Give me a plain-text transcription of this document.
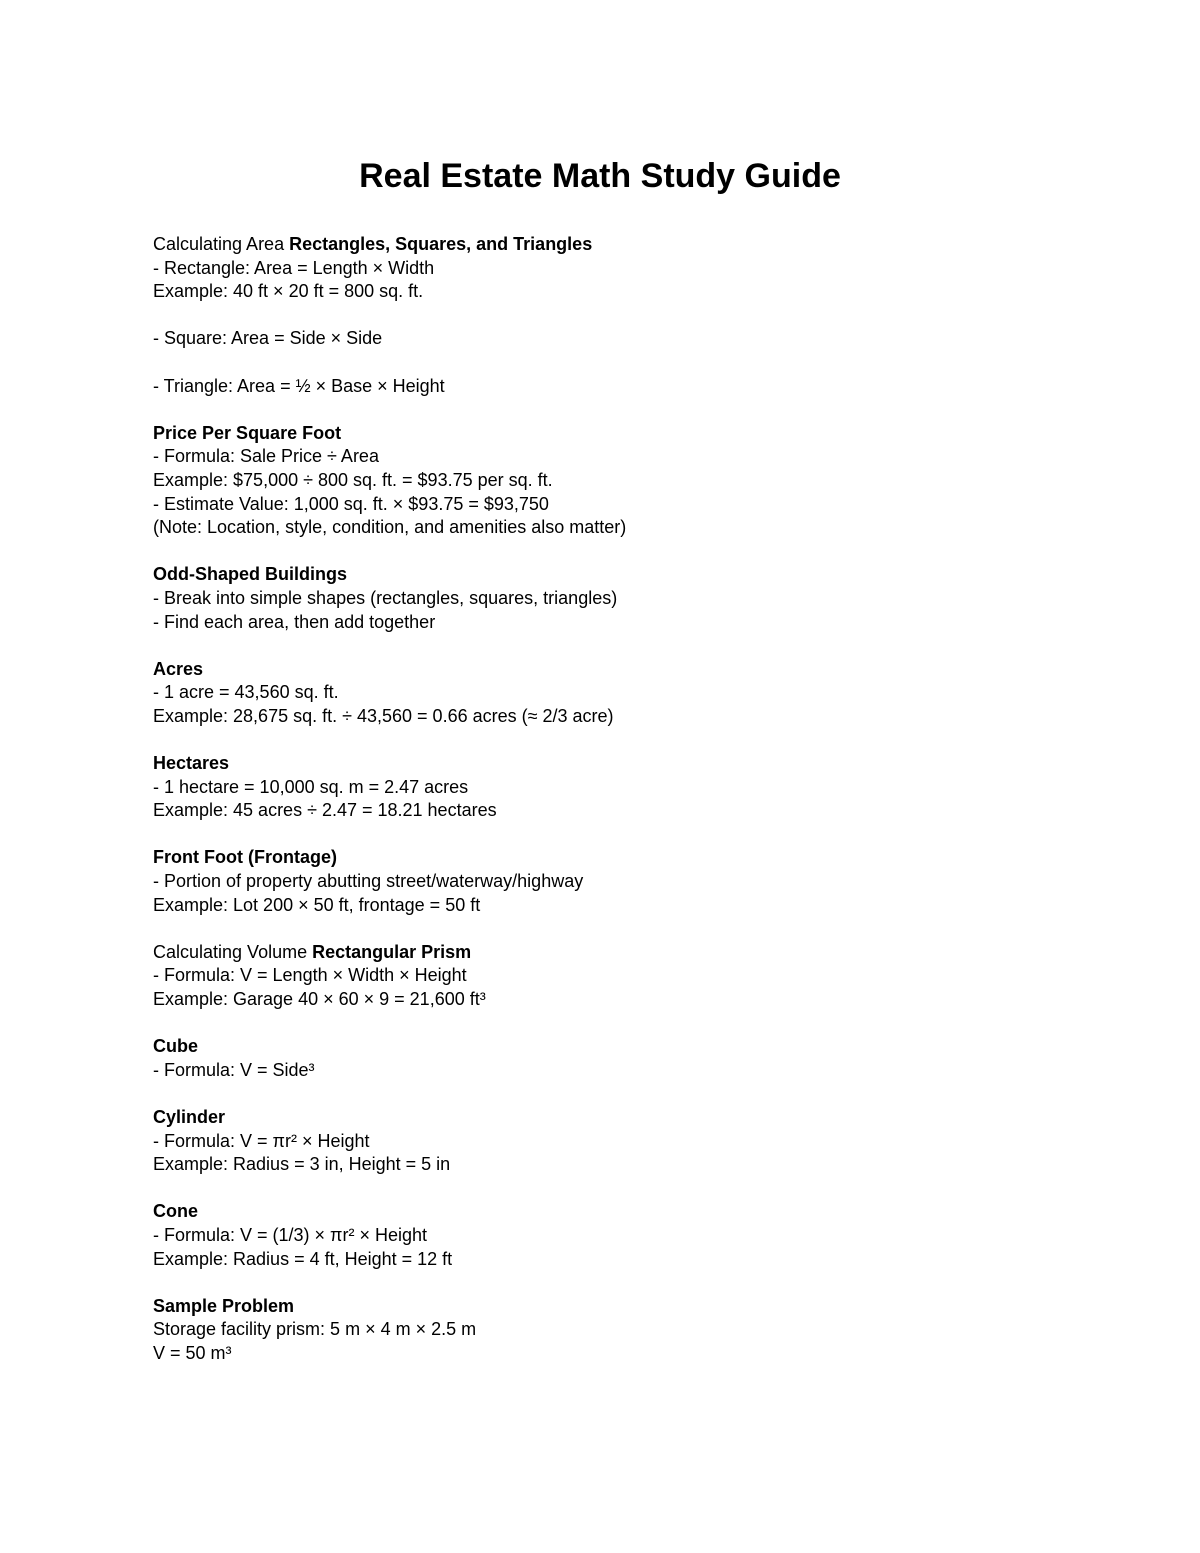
Real Estate Math Study Guide
Calculating Area Rectangles, Squares, and Triangles
- Rectangle: Area = Length × Width
Example: 40 ft × 20 ft = 800 sq. ft.
- Square: Area = Side × Side
- Triangle: Area = ½ × Base × Height
Price Per Square Foot
- Formula: Sale Price ÷ Area
Example: $75,000 ÷ 800 sq. ft. = $93.75 per sq. ft.
- Estimate Value: 1,000 sq. ft. × $93.75 = $93,750
(Note: Location, style, condition, and amenities also matter)
Odd-Shaped Buildings
- Break into simple shapes (rectangles, squares, triangles)
- Find each area, then add together
Acres
- 1 acre = 43,560 sq. ft.
Example: 28,675 sq. ft. ÷ 43,560 = 0.66 acres (≈ 2/3 acre)
Hectares
- 1 hectare = 10,000 sq. m = 2.47 acres
Example: 45 acres ÷ 2.47 = 18.21 hectares
Front Foot (Frontage)
- Portion of property abutting street/waterway/highway
Example: Lot 200 × 50 ft, frontage = 50 ft
Calculating Volume Rectangular Prism
- Formula: V = Length × Width × Height
Example: Garage 40 × 60 × 9 = 21,600 ft³
Cube
- Formula: V = Side³
Cylinder
- Formula: V = πr² × Height
Example: Radius = 3 in, Height = 5 in
Cone
- Formula: V = (1/3) × πr² × Height
Example: Radius = 4 ft, Height = 12 ft
Sample Problem
Storage facility prism: 5 m × 4 m × 2.5 m
V = 50 m³
